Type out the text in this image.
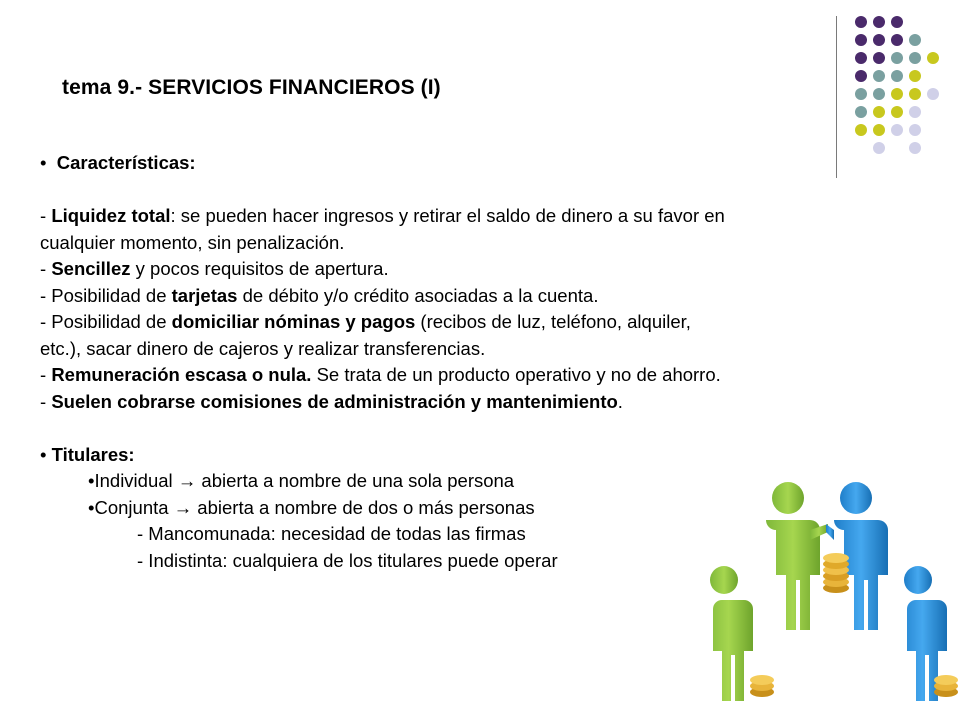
tema 9.- SERVICIOS FINANCIEROS (I)
• Características:
- Liquidez total: se pueden hacer ingresos y retirar el saldo de dinero a su favor en
cualquier momento, sin penalización.
- Sencillez y pocos requisitos de apertura.
- Posibilidad de tarjetas de débito y/o crédito asociadas a la cuenta.
- Posibilidad de domiciliar nóminas y pagos (recibos de luz, teléfono, alquiler,
etc.), sacar dinero de cajeros y realizar transferencias.
- Remuneración escasa o nula. Se trata de un producto operativo y no de ahorro.
- Suelen cobrarse comisiones de administración y mantenimiento.
• Titulares:
•Individual → abierta a nombre de una sola persona
•Conjunta → abierta a nombre de dos o más personas
- Mancomunada: necesidad de todas las firmas
- Indistinta: cualquiera de los titulares puede operar
